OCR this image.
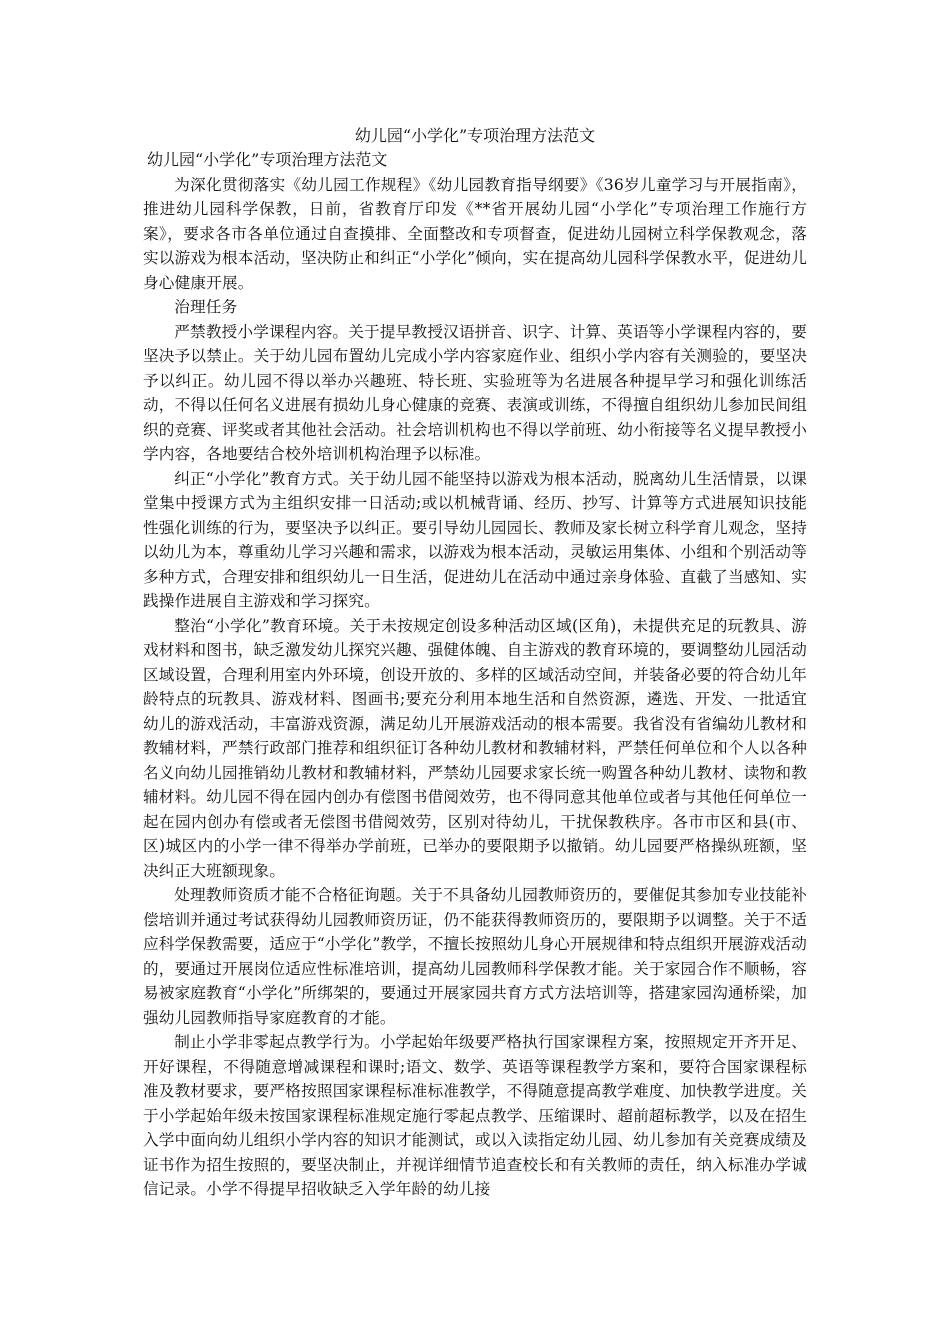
幼儿园“小学化”专项治理方法范文
幼儿园“小学化”专项治理方法范文

为深化贯彻落实《幼儿园工作规程》《幼儿园教育指导纲要》《36岁儿童学习与开展指南》，推进幼儿园科学保教，日前，省教育厅印发《**省开展幼儿园“小学化”专项治理工作施行方案》，要求各市各单位通过自查摸排、全面整改和专项督查，促进幼儿园树立科学保教观念，落实以游戏为根本活动，坚决防止和纠正“小学化”倾向，实在提高幼儿园科学保教水平，促进幼儿身心健康开展。

治理任务

严禁教授小学课程内容。关于提早教授汉语拼音、识字、计算、英语等小学课程内容的，要坚决予以禁止。关于幼儿园布置幼儿完成小学内容家庭作业、组织小学内容有关测验的，要坚决予以纠正。幼儿园不得以举办兴趣班、特长班、实验班等为名进展各种提早学习和强化训练活动，不得以任何名义进展有损幼儿身心健康的竞赛、表演或训练，不得擅自组织幼儿参加民间组织的竞赛、评奖或者其他社会活动。社会培训机构也不得以学前班、幼小衔接等名义提早教授小学内容，各地要结合校外培训机构治理予以标准。

纠正“小学化”教育方式。关于幼儿园不能坚持以游戏为根本活动，脱离幼儿生活情景，以课堂集中授课方式为主组织安排一日活动;或以机械背诵、经历、抄写、计算等方式进展知识技能性强化训练的行为，要坚决予以纠正。要引导幼儿园园长、教师及家长树立科学育儿观念，坚持以幼儿为本，尊重幼儿学习兴趣和需求，以游戏为根本活动，灵敏运用集体、小组和个别活动等多种方式，合理安排和组织幼儿一日生活，促进幼儿在活动中通过亲身体验、直截了当感知、实践操作进展自主游戏和学习探究。

整治“小学化”教育环境。关于未按规定创设多种活动区域(区角)，未提供充足的玩教具、游戏材料和图书，缺乏激发幼儿探究兴趣、强健体魄、自主游戏的教育环境的，要调整幼儿园活动区域设置，合理利用室内外环境，创设开放的、多样的区域活动空间，并装备必要的符合幼儿年龄特点的玩教具、游戏材料、图画书;要充分利用本地生活和自然资源，遴选、开发、一批适宜幼儿的游戏活动，丰富游戏资源，满足幼儿开展游戏活动的根本需要。我省没有省编幼儿教材和教辅材料，严禁行政部门推荐和组织征订各种幼儿教材和教辅材料，严禁任何单位和个人以各种名义向幼儿园推销幼儿教材和教辅材料，严禁幼儿园要求家长统一购置各种幼儿教材、读物和教辅材料。幼儿园不得在园内创办有偿图书借阅效劳，也不得同意其他单位或者与其他任何单位一起在园内创办有偿或者无偿图书借阅效劳，区别对待幼儿，干扰保教秩序。各市市区和县(市、区)城区内的小学一律不得举办学前班，已举办的要限期予以撤销。幼儿园要严格操纵班额，坚决纠正大班额现象。

处理教师资质才能不合格征询题。关于不具备幼儿园教师资历的，要催促其参加专业技能补偿培训并通过考试获得幼儿园教师资历证，仍不能获得教师资历的，要限期予以调整。关于不适应科学保教需要，适应于“小学化”教学，不擅长按照幼儿身心开展规律和特点组织开展游戏活动的，要通过开展岗位适应性标准培训，提高幼儿园教师科学保教才能。关于家园合作不顺畅，容易被家庭教育“小学化”所绑架的，要通过开展家园共育方式方法培训等，搭建家园沟通桥梁，加强幼儿园教师指导家庭教育的才能。

制止小学非零起点教学行为。小学起始年级要严格执行国家课程方案，按照规定开齐开足、开好课程，不得随意增减课程和课时;语文、数学、英语等课程教学方案和，要符合国家课程标准及教材要求，要严格按照国家课程标准标准教学，不得随意提高教学难度、加快教学进度。关于小学起始年级未按国家课程标准规定施行零起点教学、压缩课时、超前超标教学，以及在招生入学中面向幼儿组织小学内容的知识才能测试，或以入读指定幼儿园、幼儿参加有关竞赛成绩及证书作为招生按照的，要坚决制止，并视详细情节追查校长和有关教师的责任，纳入标准办学诚信记录。小学不得提早招收缺乏入学年龄的幼儿接
